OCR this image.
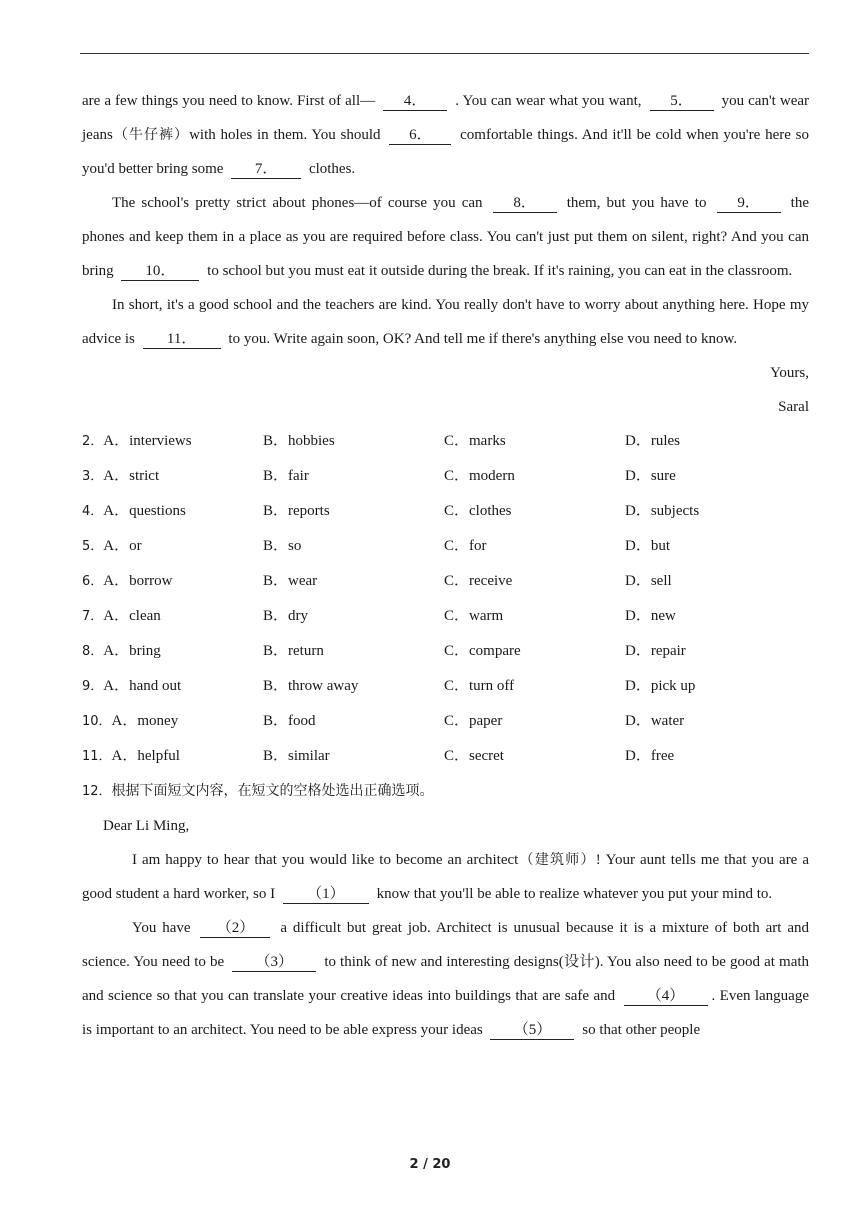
are a few things you need to know. First of all— 4． . You can wear what you want, 5． you can't wear jeans（牛仔裤）with holes in them. You should 6． comfortable things. And it'll be cold when you're here so you'd better bring some 7． clothes.

The school's pretty strict about phones—of course you can 8． them, but you have to 9． the phones and keep them in a place as you are required before class. You can't just put them on silent, right? And you can bring 10． to school but you must eat it outside during the break. If it's raining, you can eat in the classroom.

In short, it's a good school and the teachers are kind. You really don't have to worry about anything here. Hope my advice is 11． to you. Write again soon, OK? And tell me if there's anything else vou need to know.

Yours,

Saral

2．A．interviews	B．hobbies	C．marks	D．rules
3．A．strict	B．fair	C．modern	D．sure
4．A．questions	B．reports	C．clothes	D．subjects
5．A．or	B．so	C．for	D．but
6．A．borrow	B．wear	C．receive	D．sell
7．A．clean	B．dry	C．warm	D．new
8．A．bring	B．return	C．compare	D．repair
9．A．hand out	B．throw away	C．turn off	D．pick up
10．A．money	B．food	C．paper	D．water
11．A．helpful	B．similar	C．secret	D．free

12．根据下面短文内容，在短文的空格处选出正确选项。

Dear Li Ming,

I am happy to hear that you would like to become an architect（建筑师）! Your aunt tells me that you are a good student a hard worker, so I （1） know that you'll be able to realize whatever you put your mind to.

You have （2） a difficult but great job. Architect is unusual because it is a mixture of both art and science. You need to be （3） to think of new and interesting designs(设计). You also need to be good at math and science so that you can translate your creative ideas into buildings that are safe and （4） . Even language is important to an architect. You need to be able express your ideas （5） so that other people

2 / 20
